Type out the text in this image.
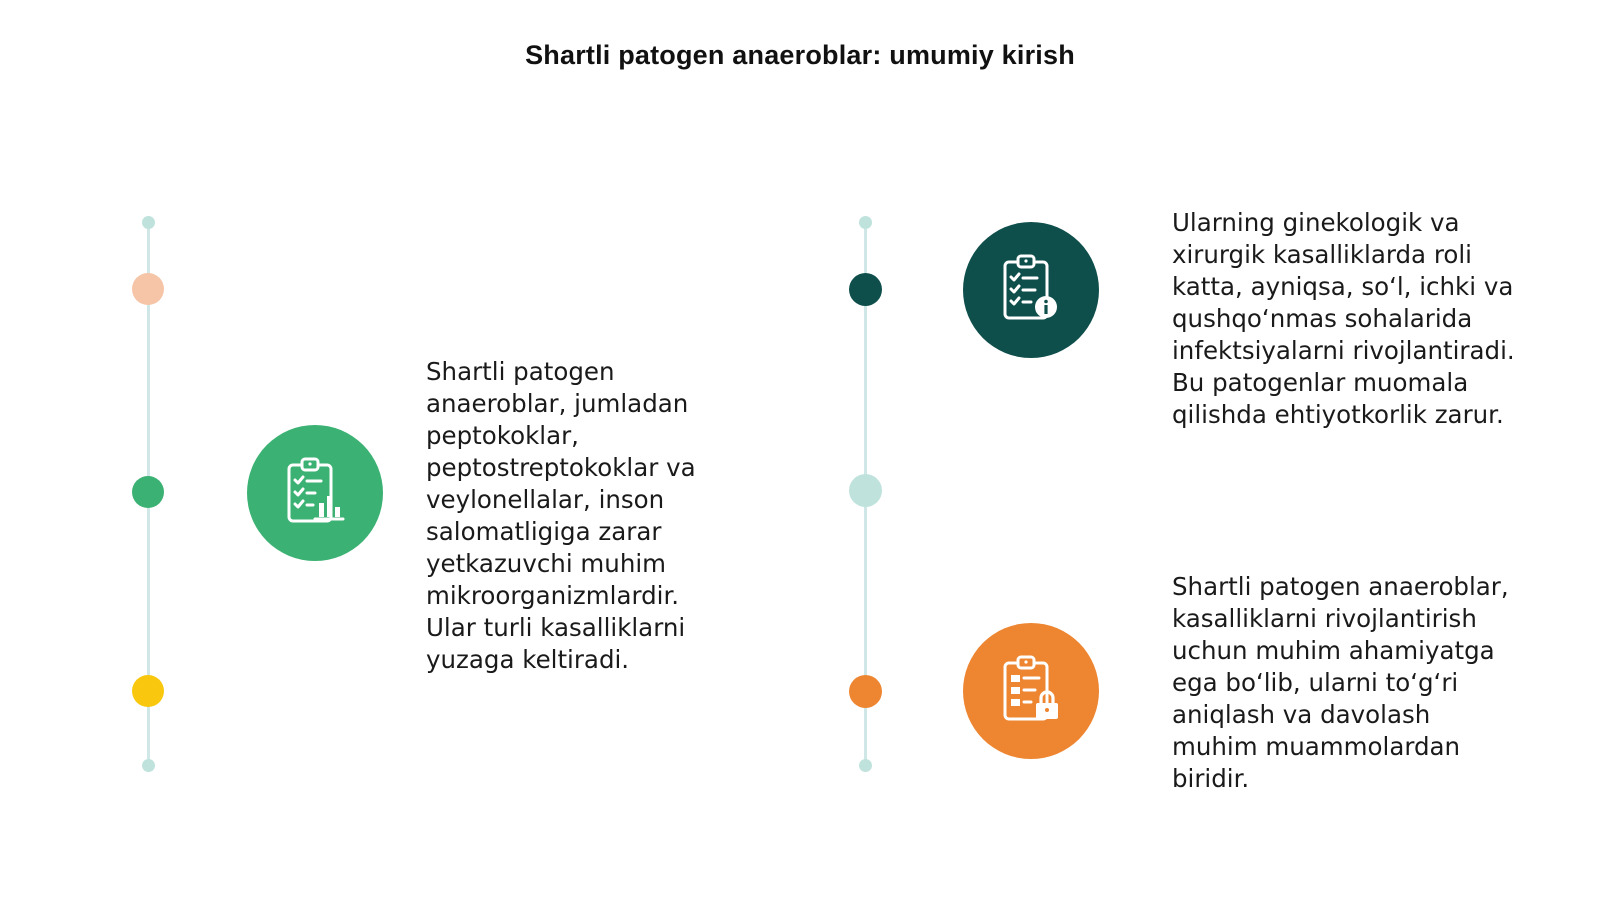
Shartli patogen anaeroblar: umumiy kirish
Shartli patogen
anaeroblar, jumladan
peptokoklar,
peptostreptokoklar va
veylonellalar, inson
salomatligiga zarar
yetkazuvchi muhim
mikroorganizmlardir.
Ular turli kasalliklarni
yuzaga keltiradi.
Ularning ginekologik va
xirurgik kasalliklarda roli
katta, ayniqsa, so‘l, ichki va
qushqo‘nmas sohalarida
infektsiyalarni rivojlantiradi.
Bu patogenlar muomala
qilishda ehtiyotkorlik zarur.
Shartli patogen anaeroblar,
kasalliklarni rivojlantirish
uchun muhim ahamiyatga
ega bo‘lib, ularni to‘g‘ri
aniqlash va davolash
muhim muammolardan
biridir.
